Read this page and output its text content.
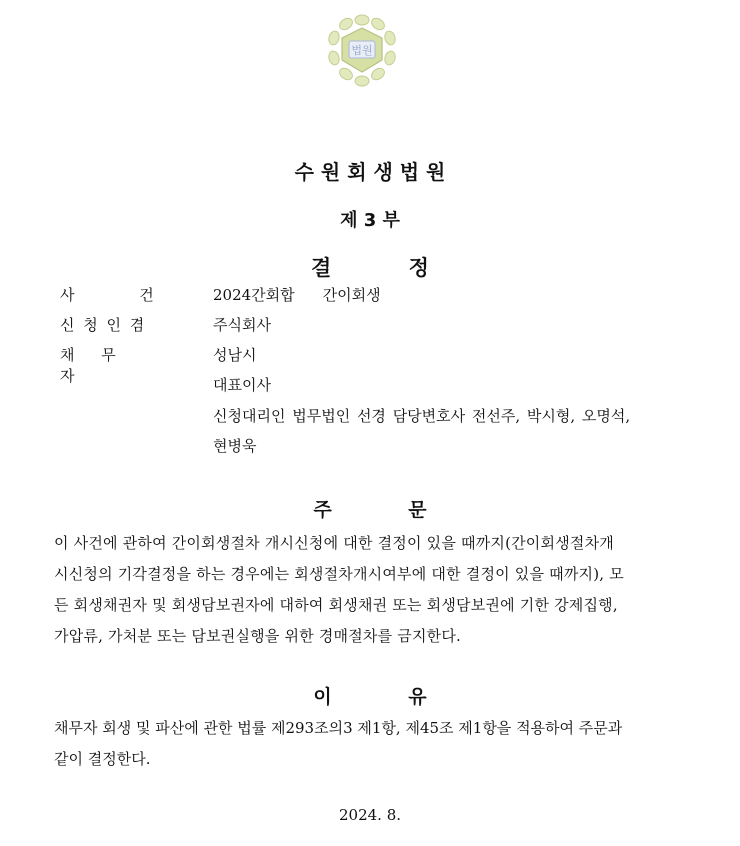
법원
수 원 회 생 법 원
제 3 부
결 정
사 건	2024간회합 간이회생
신 청 인 겸	주식회사
채 무 자
성남시
대표이사
신청대리인 법무법인 선경 담당변호사 전선주, 박시형, 오명석,
현병욱
주 문
이 사건에 관하여 간이회생절차 개시신청에 대한 결정이 있을 때까지(간이회생절차개
시신청의 기각결정을 하는 경우에는 회생절차개시여부에 대한 결정이 있을 때까지), 모
든 회생채권자 및 회생담보권자에 대하여 회생채권 또는 회생담보권에 기한 강제집행,
가압류, 가처분 또는 담보권실행을 위한 경매절차를 금지한다.
이 유
채무자 회생 및 파산에 관한 법률 제293조의3 제1항, 제45조 제1항을 적용하여 주문과
같이 결정한다.
2024. 8.
